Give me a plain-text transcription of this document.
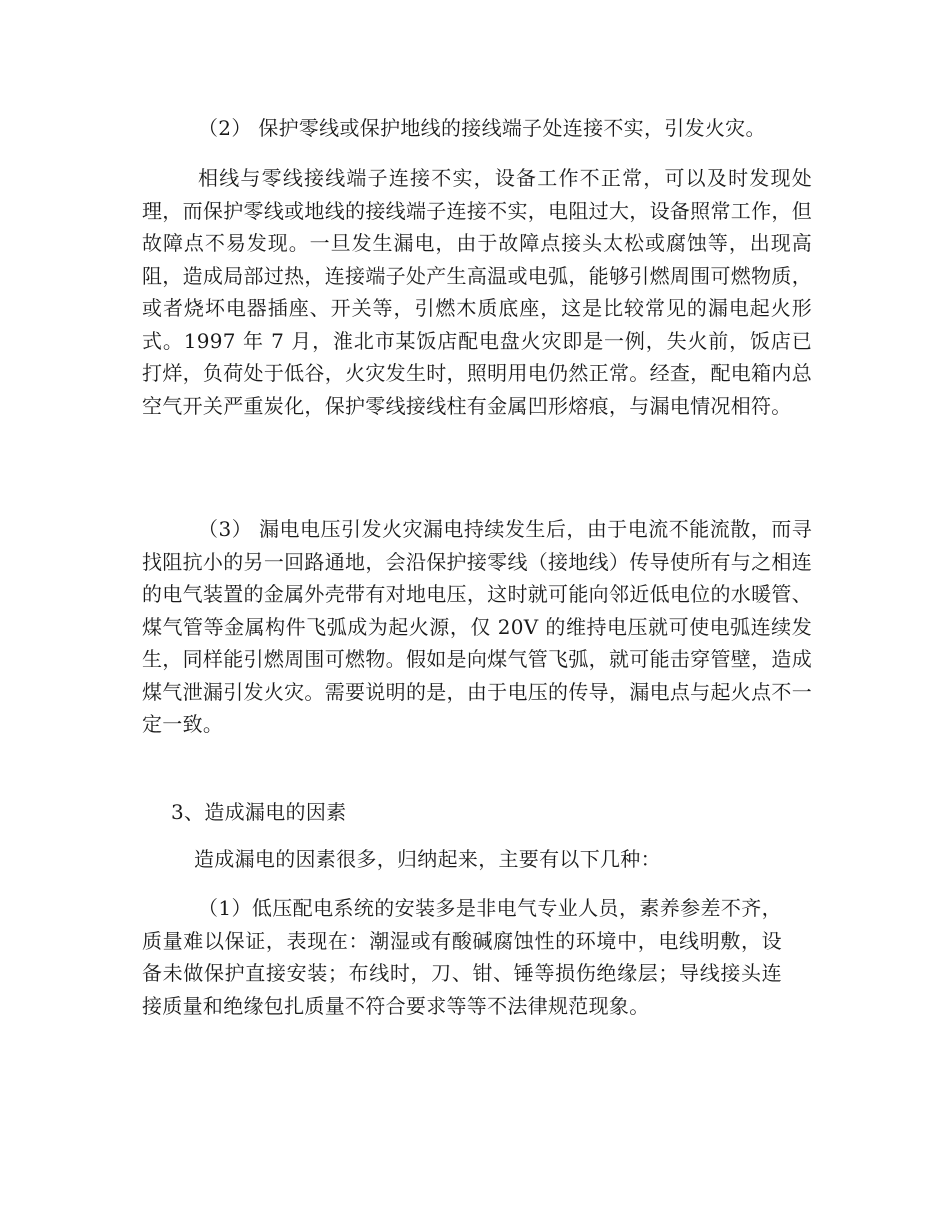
（2） 保护零线或保护地线的接线端子处连接不实，引发火灾。

相线与零线接线端子连接不实，设备工作不正常，可以及时发现处理，而保护零线或地线的接线端子连接不实，电阻过大，设备照常工作，但故障点不易发现。一旦发生漏电，由于故障点接头太松或腐蚀等，出现高阻，造成局部过热，连接端子处产生高温或电弧，能够引燃周围可燃物质，或者烧坏电器插座、开关等，引燃木质底座，这是比较常见的漏电起火形式。1997 年 7 月，淮北市某饭店配电盘火灾即是一例，失火前，饭店已打烊，负荷处于低谷，火灾发生时，照明用电仍然正常。经查，配电箱内总空气开关严重炭化，保护零线接线柱有金属凹形熔痕，与漏电情况相符。

（3） 漏电电压引发火灾漏电持续发生后，由于电流不能流散，而寻找阻抗小的另一回路通地，会沿保护接零线（接地线）传导使所有与之相连的电气装置的金属外壳带有对地电压，这时就可能向邻近低电位的水暖管、煤气管等金属构件飞弧成为起火源，仅 20V 的维持电压就可使电弧连续发生，同样能引燃周围可燃物。假如是向煤气管飞弧，就可能击穿管壁，造成煤气泄漏引发火灾。需要说明的是，由于电压的传导，漏电点与起火点不一定一致。

3、造成漏电的因素

造成漏电的因素很多，归纳起来，主要有以下几种：

（1）低压配电系统的安装多是非电气专业人员，素养参差不齐，质量难以保证，表现在：潮湿或有酸碱腐蚀性的环境中，电线明敷，设备未做保护直接安装；布线时，刀、钳、锤等损伤绝缘层；导线接头连接质量和绝缘包扎质量不符合要求等等不法律规范现象。
